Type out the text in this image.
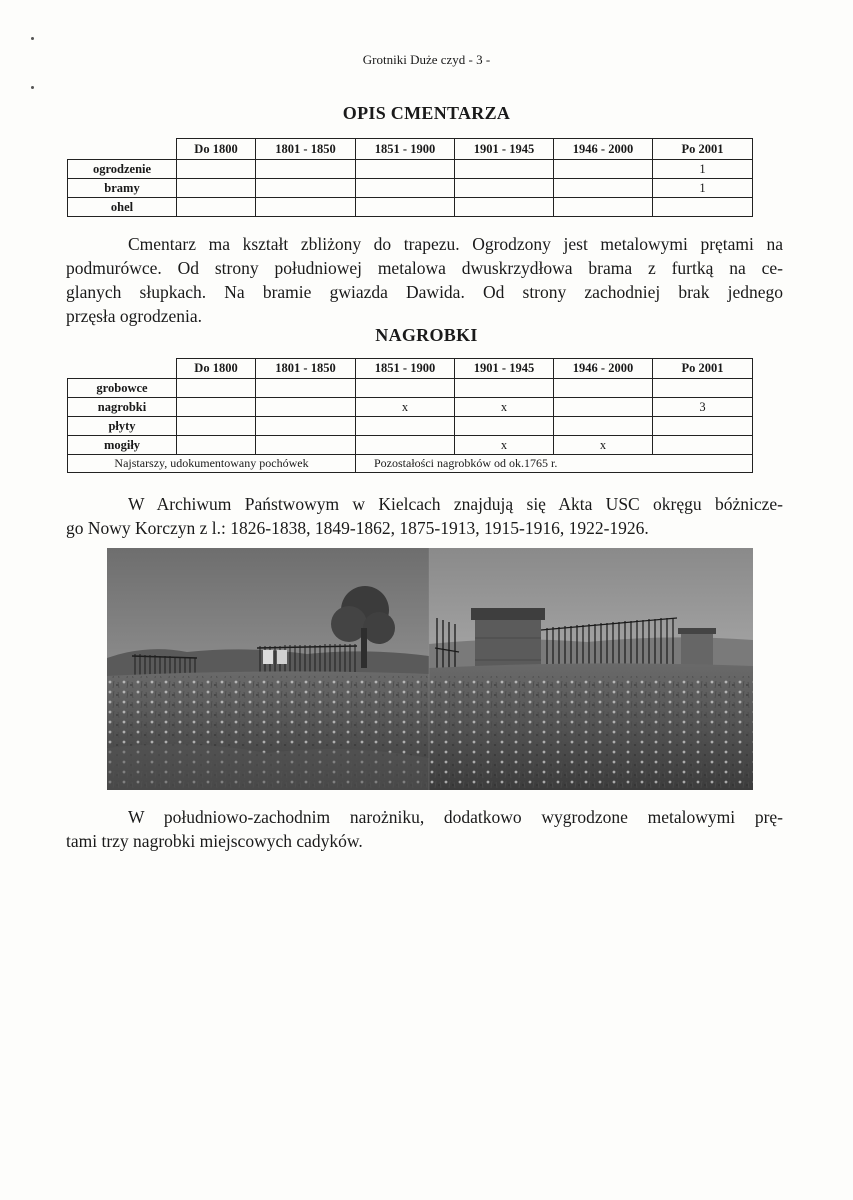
Grotniki Duże czyd - 3 -
OPIS CMENTARZA
	Do 1800	1801 - 1850	1851 - 1900	1901 - 1945	1946 - 2000	Po 2001
ogrodzenie						1
bramy						1
ohel						
Cmentarz ma kształt zbliżony do trapezu. Ogrodzony jest metalowymi prętami na
podmurówce. Od strony południowej metalowa dwuskrzydłowa brama z furtką na ce-
glanych słupkach. Na bramie gwiazda Dawida. Od strony zachodniej brak jednego
przęsła ogrodzenia.
NAGROBKI
	Do 1800	1801 - 1850	1851 - 1900	1901 - 1945	1946 - 2000	Po 2001
grobowce						
nagrobki			x	x		3
płyty						
mogiły				x	x	
Najstarszy, udokumentowany pochówek			Pozostałości nagrobków od ok.1765 r.			
W Archiwum Państwowym w Kielcach znajdują się Akta USC okręgu bóżnicze-
go Nowy Korczyn z l.: 1826-1838, 1849-1862, 1875-1913, 1915-1916, 1922-1926.
W południowo-zachodnim narożniku, dodatkowo wygrodzone metalowymi prę-
tami trzy nagrobki miejscowych cadyków.
